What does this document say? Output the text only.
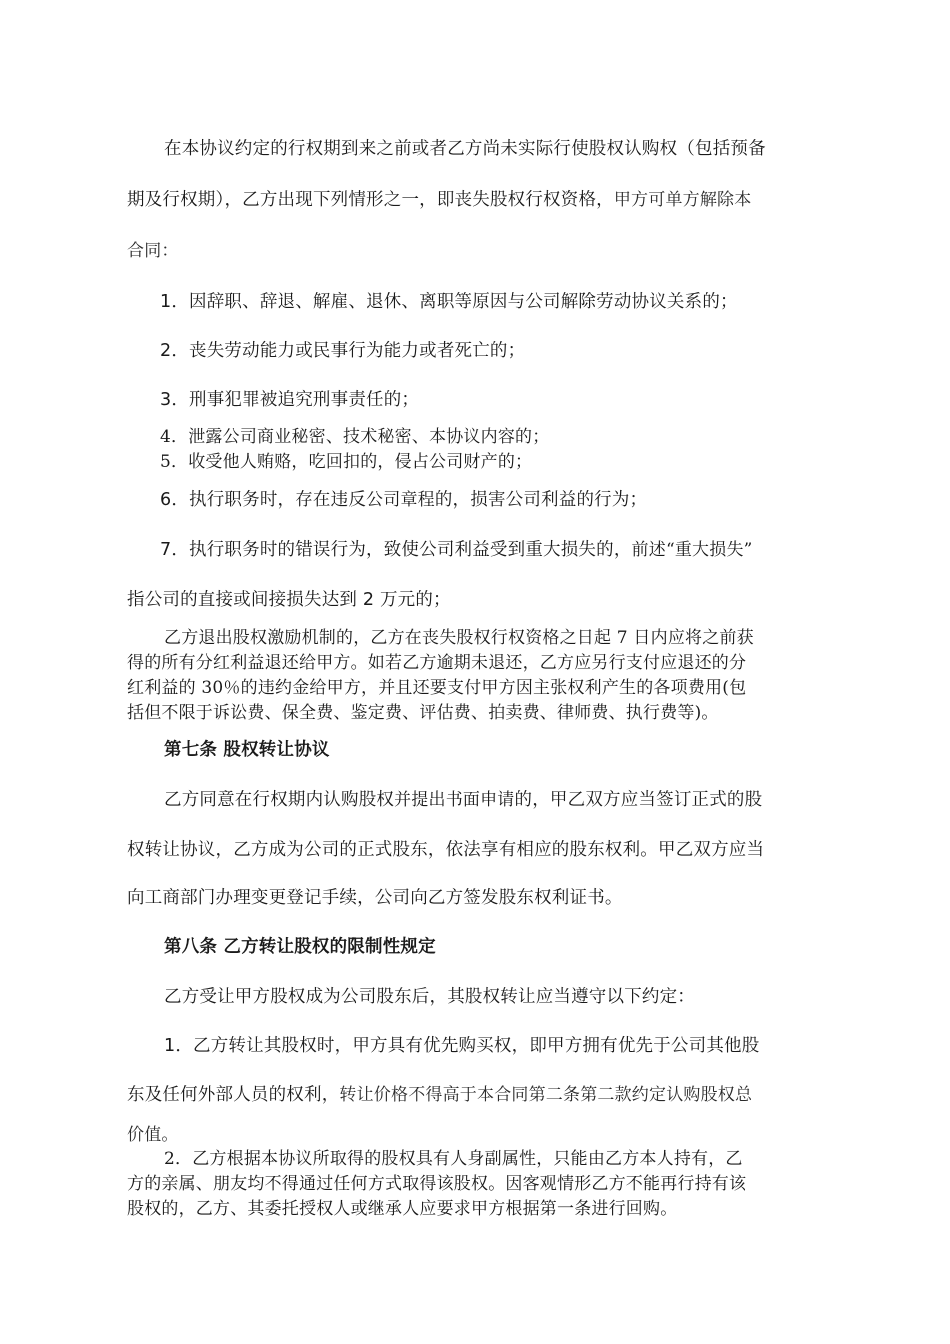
在本协议约定的行权期到来之前或者乙方尚未实际行使股权认购权（包括预备
期及行权期），乙方出现下列情形之一，即丧失股权行权资格，甲方可单方解除本
合同：
1．因辞职、辞退、解雇、退休、离职等原因与公司解除劳动协议关系的；
2．丧失劳动能力或民事行为能力或者死亡的；
3．刑事犯罪被追究刑事责任的；
4．泄露公司商业秘密、技术秘密、本协议内容的；
5．收受他人贿赂，吃回扣的，侵占公司财产的；
6．执行职务时，存在违反公司章程的，损害公司利益的行为；
7．执行职务时的错误行为，致使公司利益受到重大损失的，前述“重大损失”
指公司的直接或间接损失达到 2 万元的；
乙方退出股权激励机制的，乙方在丧失股权行权资格之日起 7 日内应将之前获
得的所有分红利益退还给甲方。如若乙方逾期未退还，乙方应另行支付应退还的分
红利益的 30％的违约金给甲方，并且还要支付甲方因主张权利产生的各项费用(包
括但不限于诉讼费、保全费、鉴定费、评估费、拍卖费、律师费、执行费等)。
第七条 股权转让协议
乙方同意在行权期内认购股权并提出书面申请的，甲乙双方应当签订正式的股
权转让协议，乙方成为公司的正式股东，依法享有相应的股东权利。甲乙双方应当
向工商部门办理变更登记手续，公司向乙方签发股东权利证书。
第八条 乙方转让股权的限制性规定
乙方受让甲方股权成为公司股东后，其股权转让应当遵守以下约定：
1．乙方转让其股权时，甲方具有优先购买权，即甲方拥有优先于公司其他股
东及任何外部人员的权利，转让价格不得高于本合同第二条第二款约定认购股权总
价值。
2．乙方根据本协议所取得的股权具有人身副属性，只能由乙方本人持有，乙
方的亲属、朋友均不得通过任何方式取得该股权。因客观情形乙方不能再行持有该
股权的，乙方、其委托授权人或继承人应要求甲方根据第一条进行回购。
